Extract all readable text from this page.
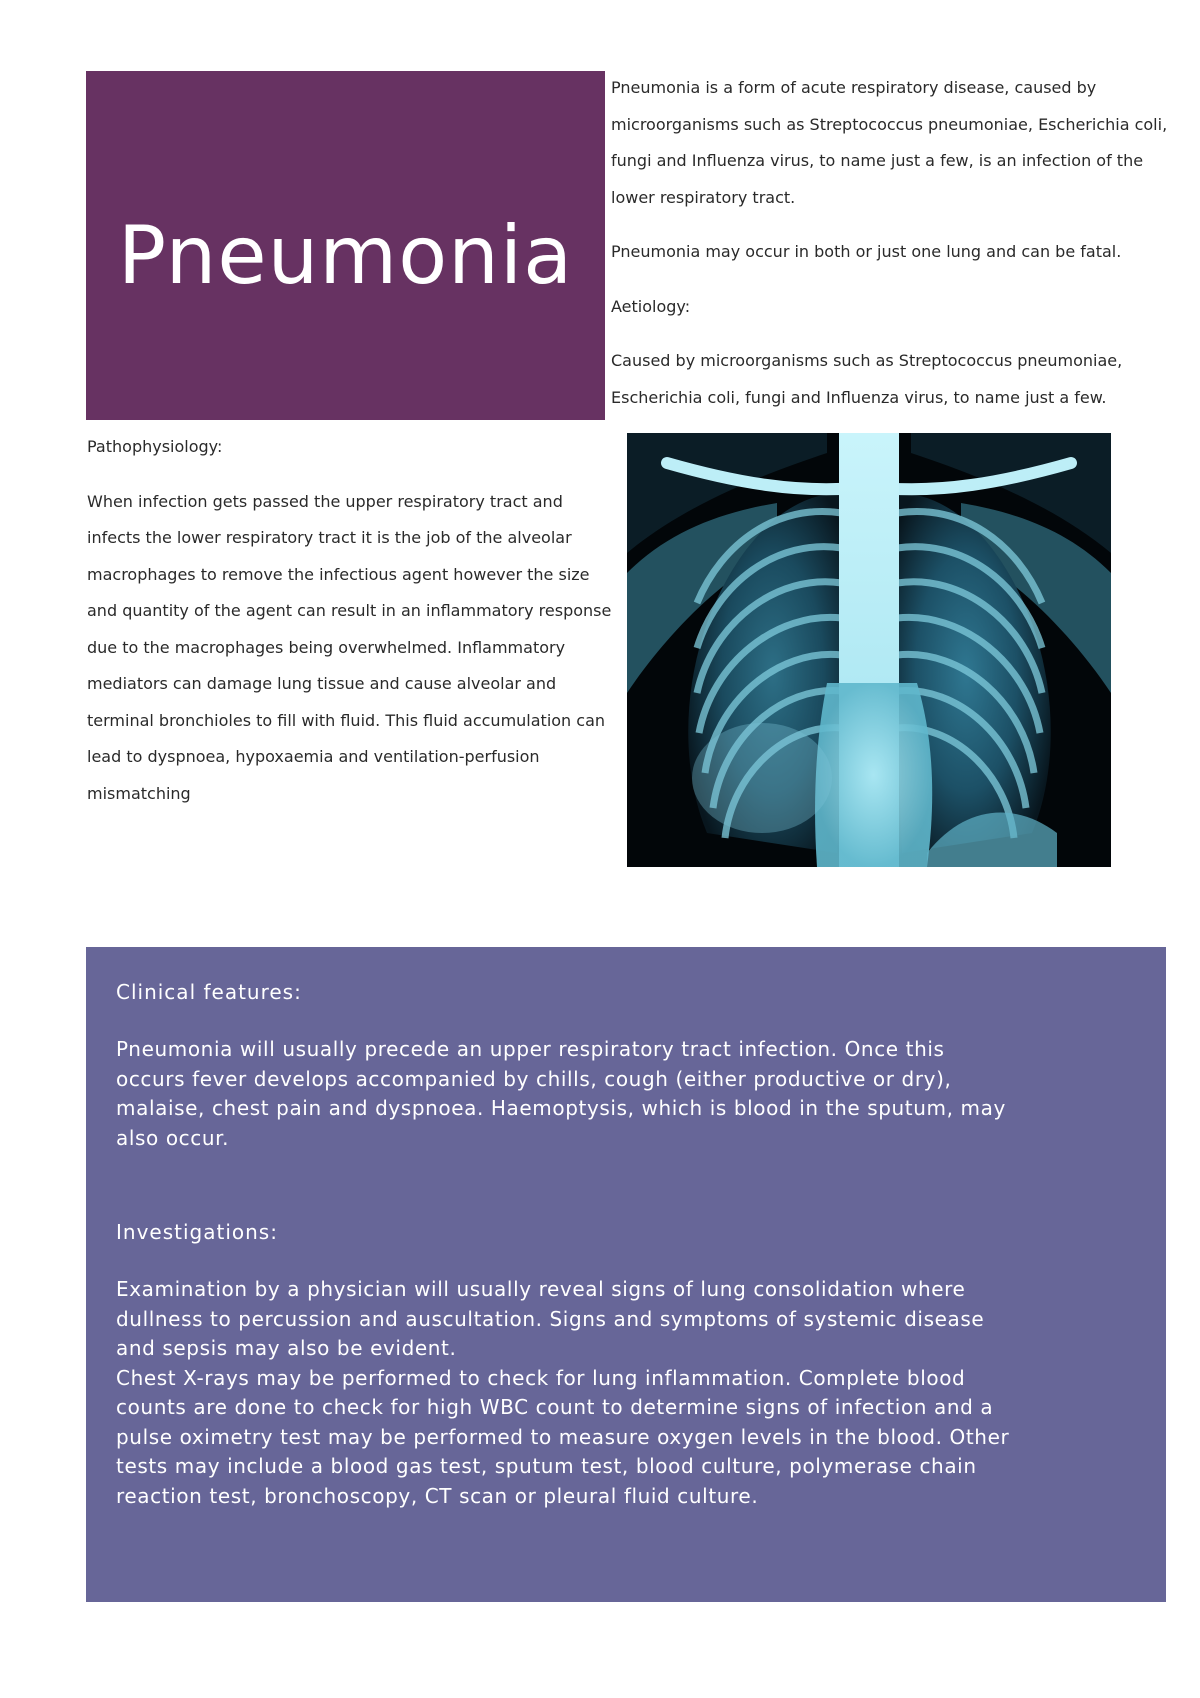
Pneumonia

Pneumonia is a form of acute respiratory disease, caused by microorganisms such as Streptococcus pneumoniae, Escherichia coli, fungi and Influenza virus, to name just a few, is an infection of the lower respiratory tract.

Pneumonia may occur in both or just one lung and can be fatal.

Aetiology:

Caused by microorganisms such as Streptococcus pneumoniae, Escherichia coli, fungi and Influenza virus, to name just a few.

Pathophysiology:

When infection gets passed the upper respiratory tract and infects the lower respiratory tract it is the job of the alveolar macrophages to remove the infectious agent however the size and quantity of the agent can result in an inflammatory response due to the macrophages being overwhelmed. Inflammatory mediators can damage lung tissue and cause alveolar and terminal bronchioles to fill with fluid. This fluid accumulation can lead to dyspnoea, hypoxaemia and ventilation-perfusion mismatching

Clinical features:

Pneumonia will usually precede an upper respiratory tract infection. Once this occurs fever develops accompanied by chills, cough (either productive or dry), malaise, chest pain and dyspnoea. Haemoptysis, which is blood in the sputum, may also occur.

Investigations:

Examination by a physician will usually reveal signs of lung consolidation where dullness to percussion and auscultation. Signs and symptoms of systemic disease and sepsis may also be evident.

Chest X-rays may be performed to check for lung inflammation. Complete blood counts are done to check for high WBC count to determine signs of infection and a pulse oximetry test may be performed to measure oxygen levels in the blood. Other tests may include a blood gas test, sputum test, blood culture, polymerase chain reaction test, bronchoscopy, CT scan or pleural fluid culture.
